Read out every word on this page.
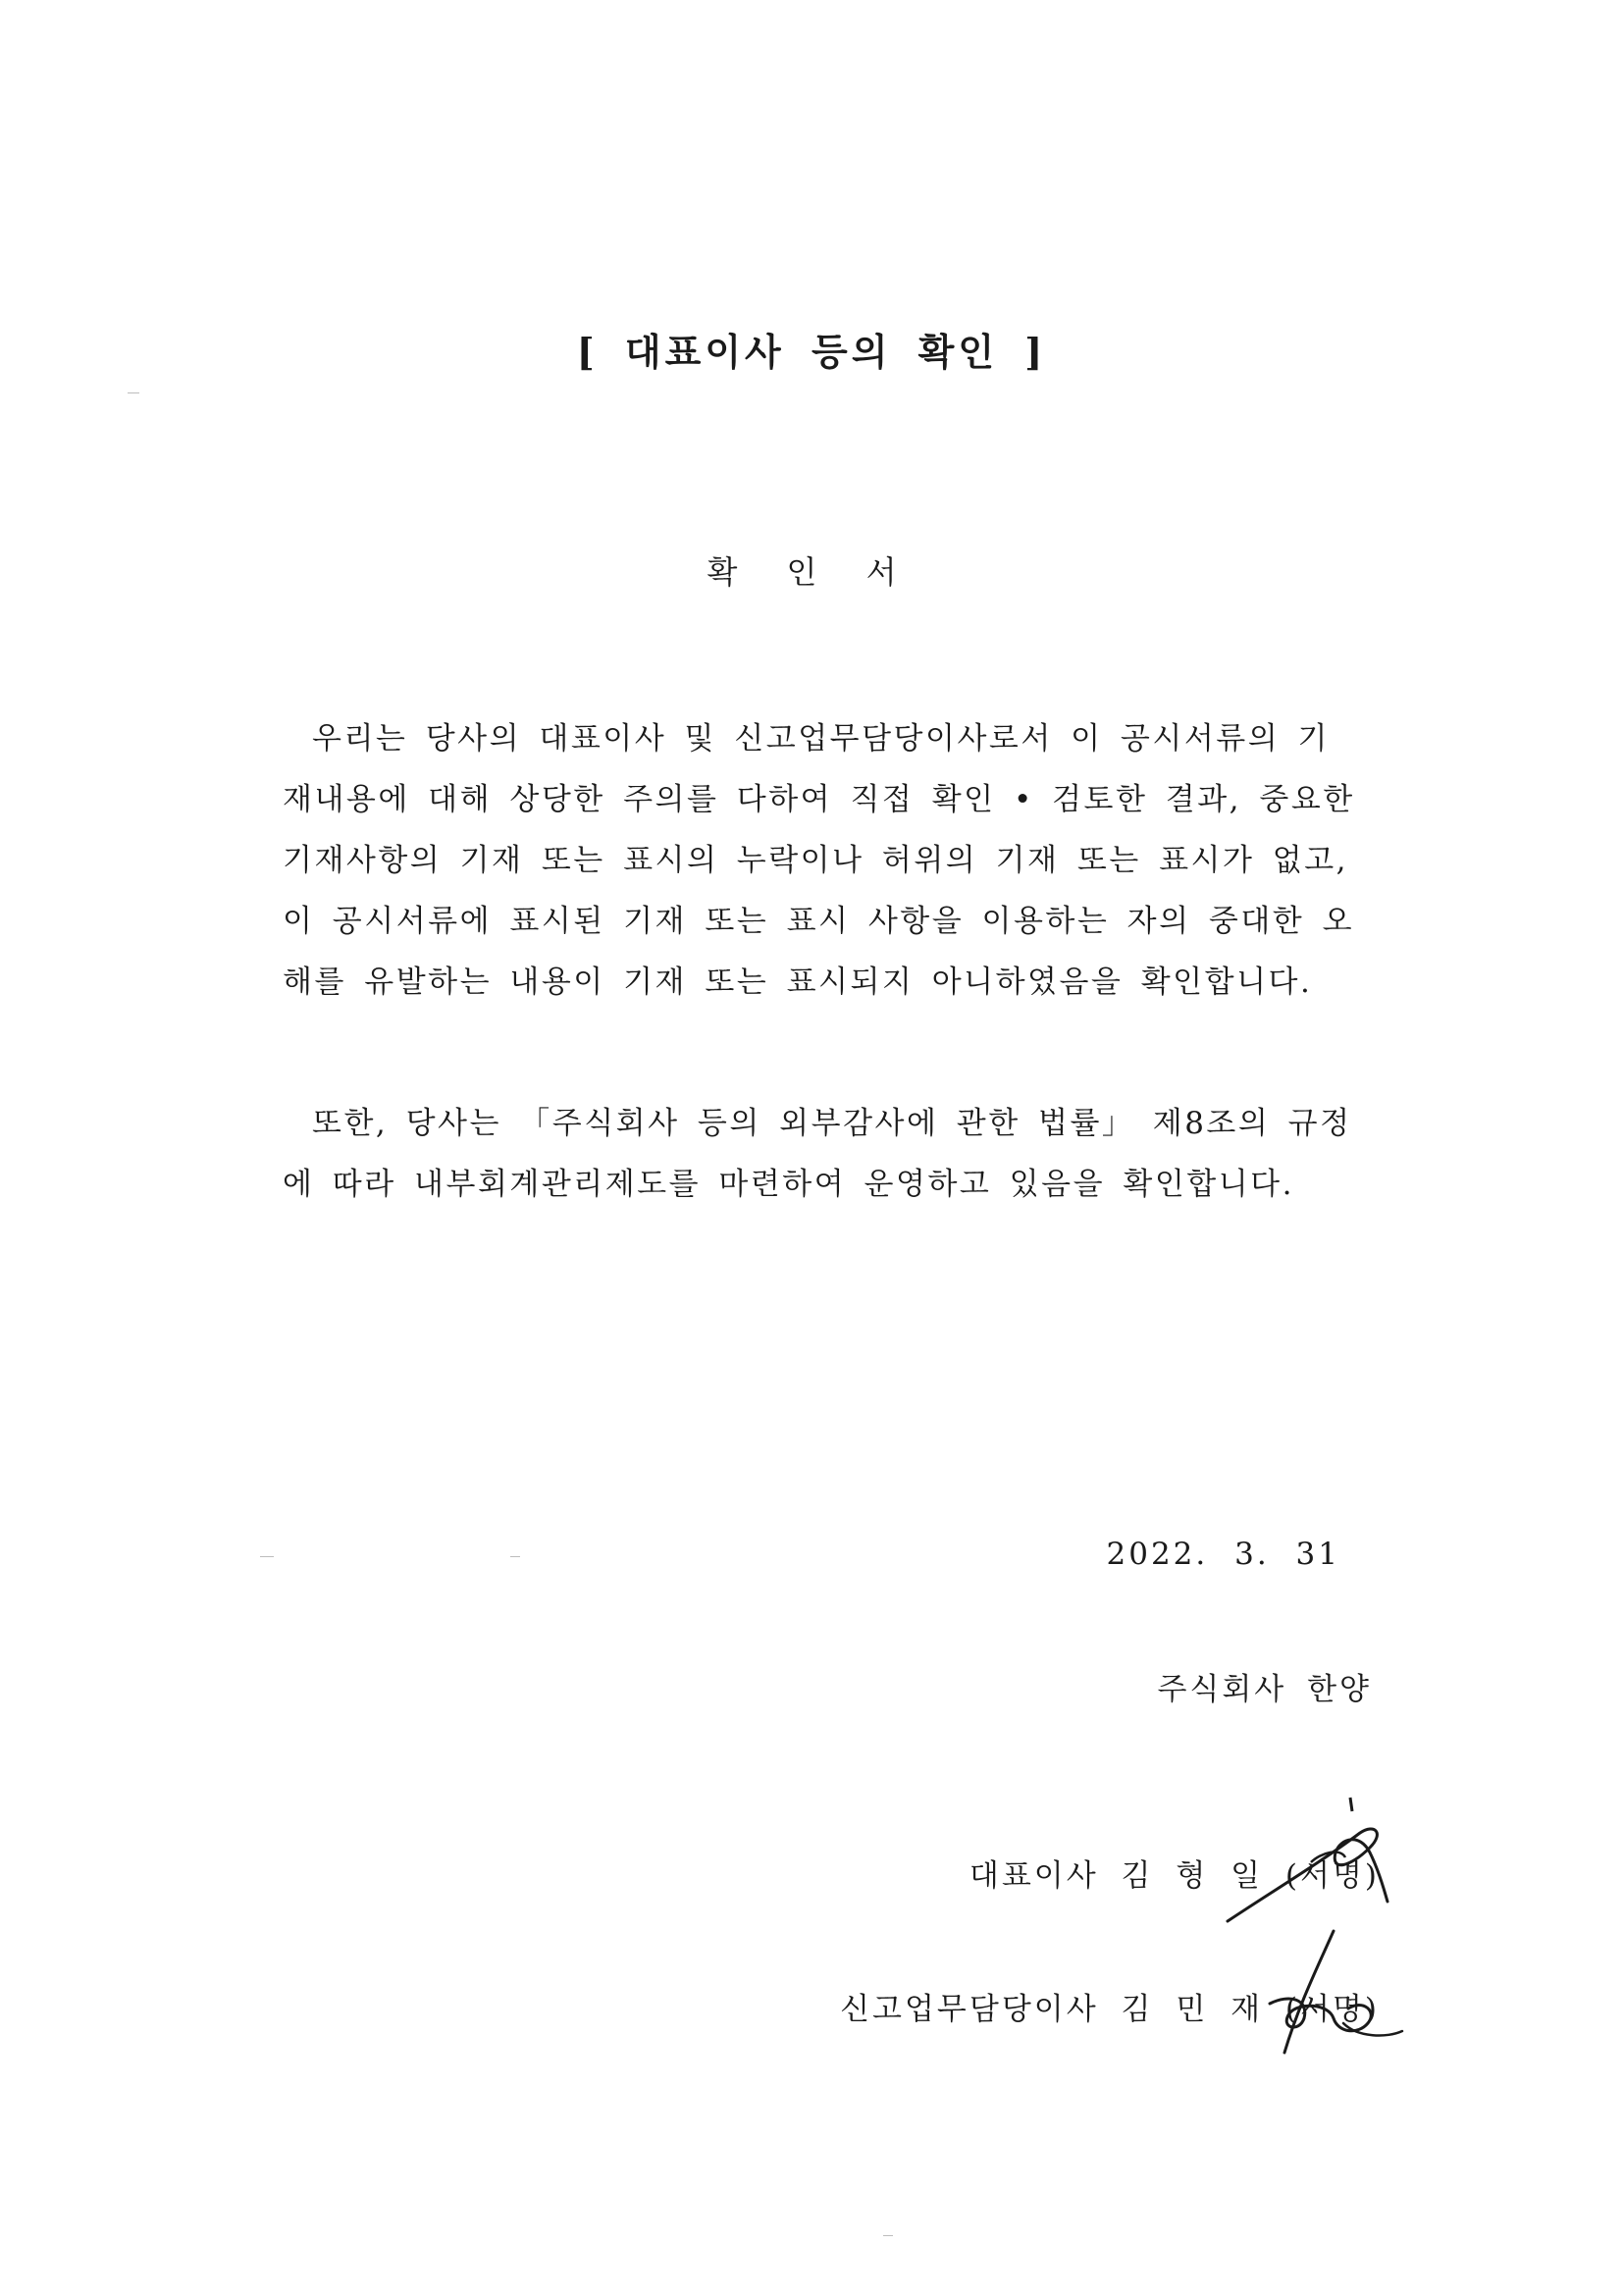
[ 대표이사 등의 확인 ]
확 인 서

우리는 당사의 대표이사 및 신고업무담당이사로서 이 공시서류의 기
재내용에 대해 상당한 주의를 다하여 직접 확인 • 검토한 결과, 중요한
기재사항의 기재 또는 표시의 누락이나 허위의 기재 또는 표시가 없고,
이 공시서류에 표시된 기재 또는 표시 사항을 이용하는 자의 중대한 오
해를 유발하는 내용이 기재 또는 표시되지 아니하였음을 확인합니다.

또한, 당사는 「주식회사 등의 외부감사에 관한 법률」 제8조의 규정
에 따라 내부회계관리제도를 마련하여 운영하고 있음을 확인합니다.

2022. 3. 31
주식회사 한양
대표이사 김 형 일 (서명)
신고업무담당이사 김 민 재 (서명)
